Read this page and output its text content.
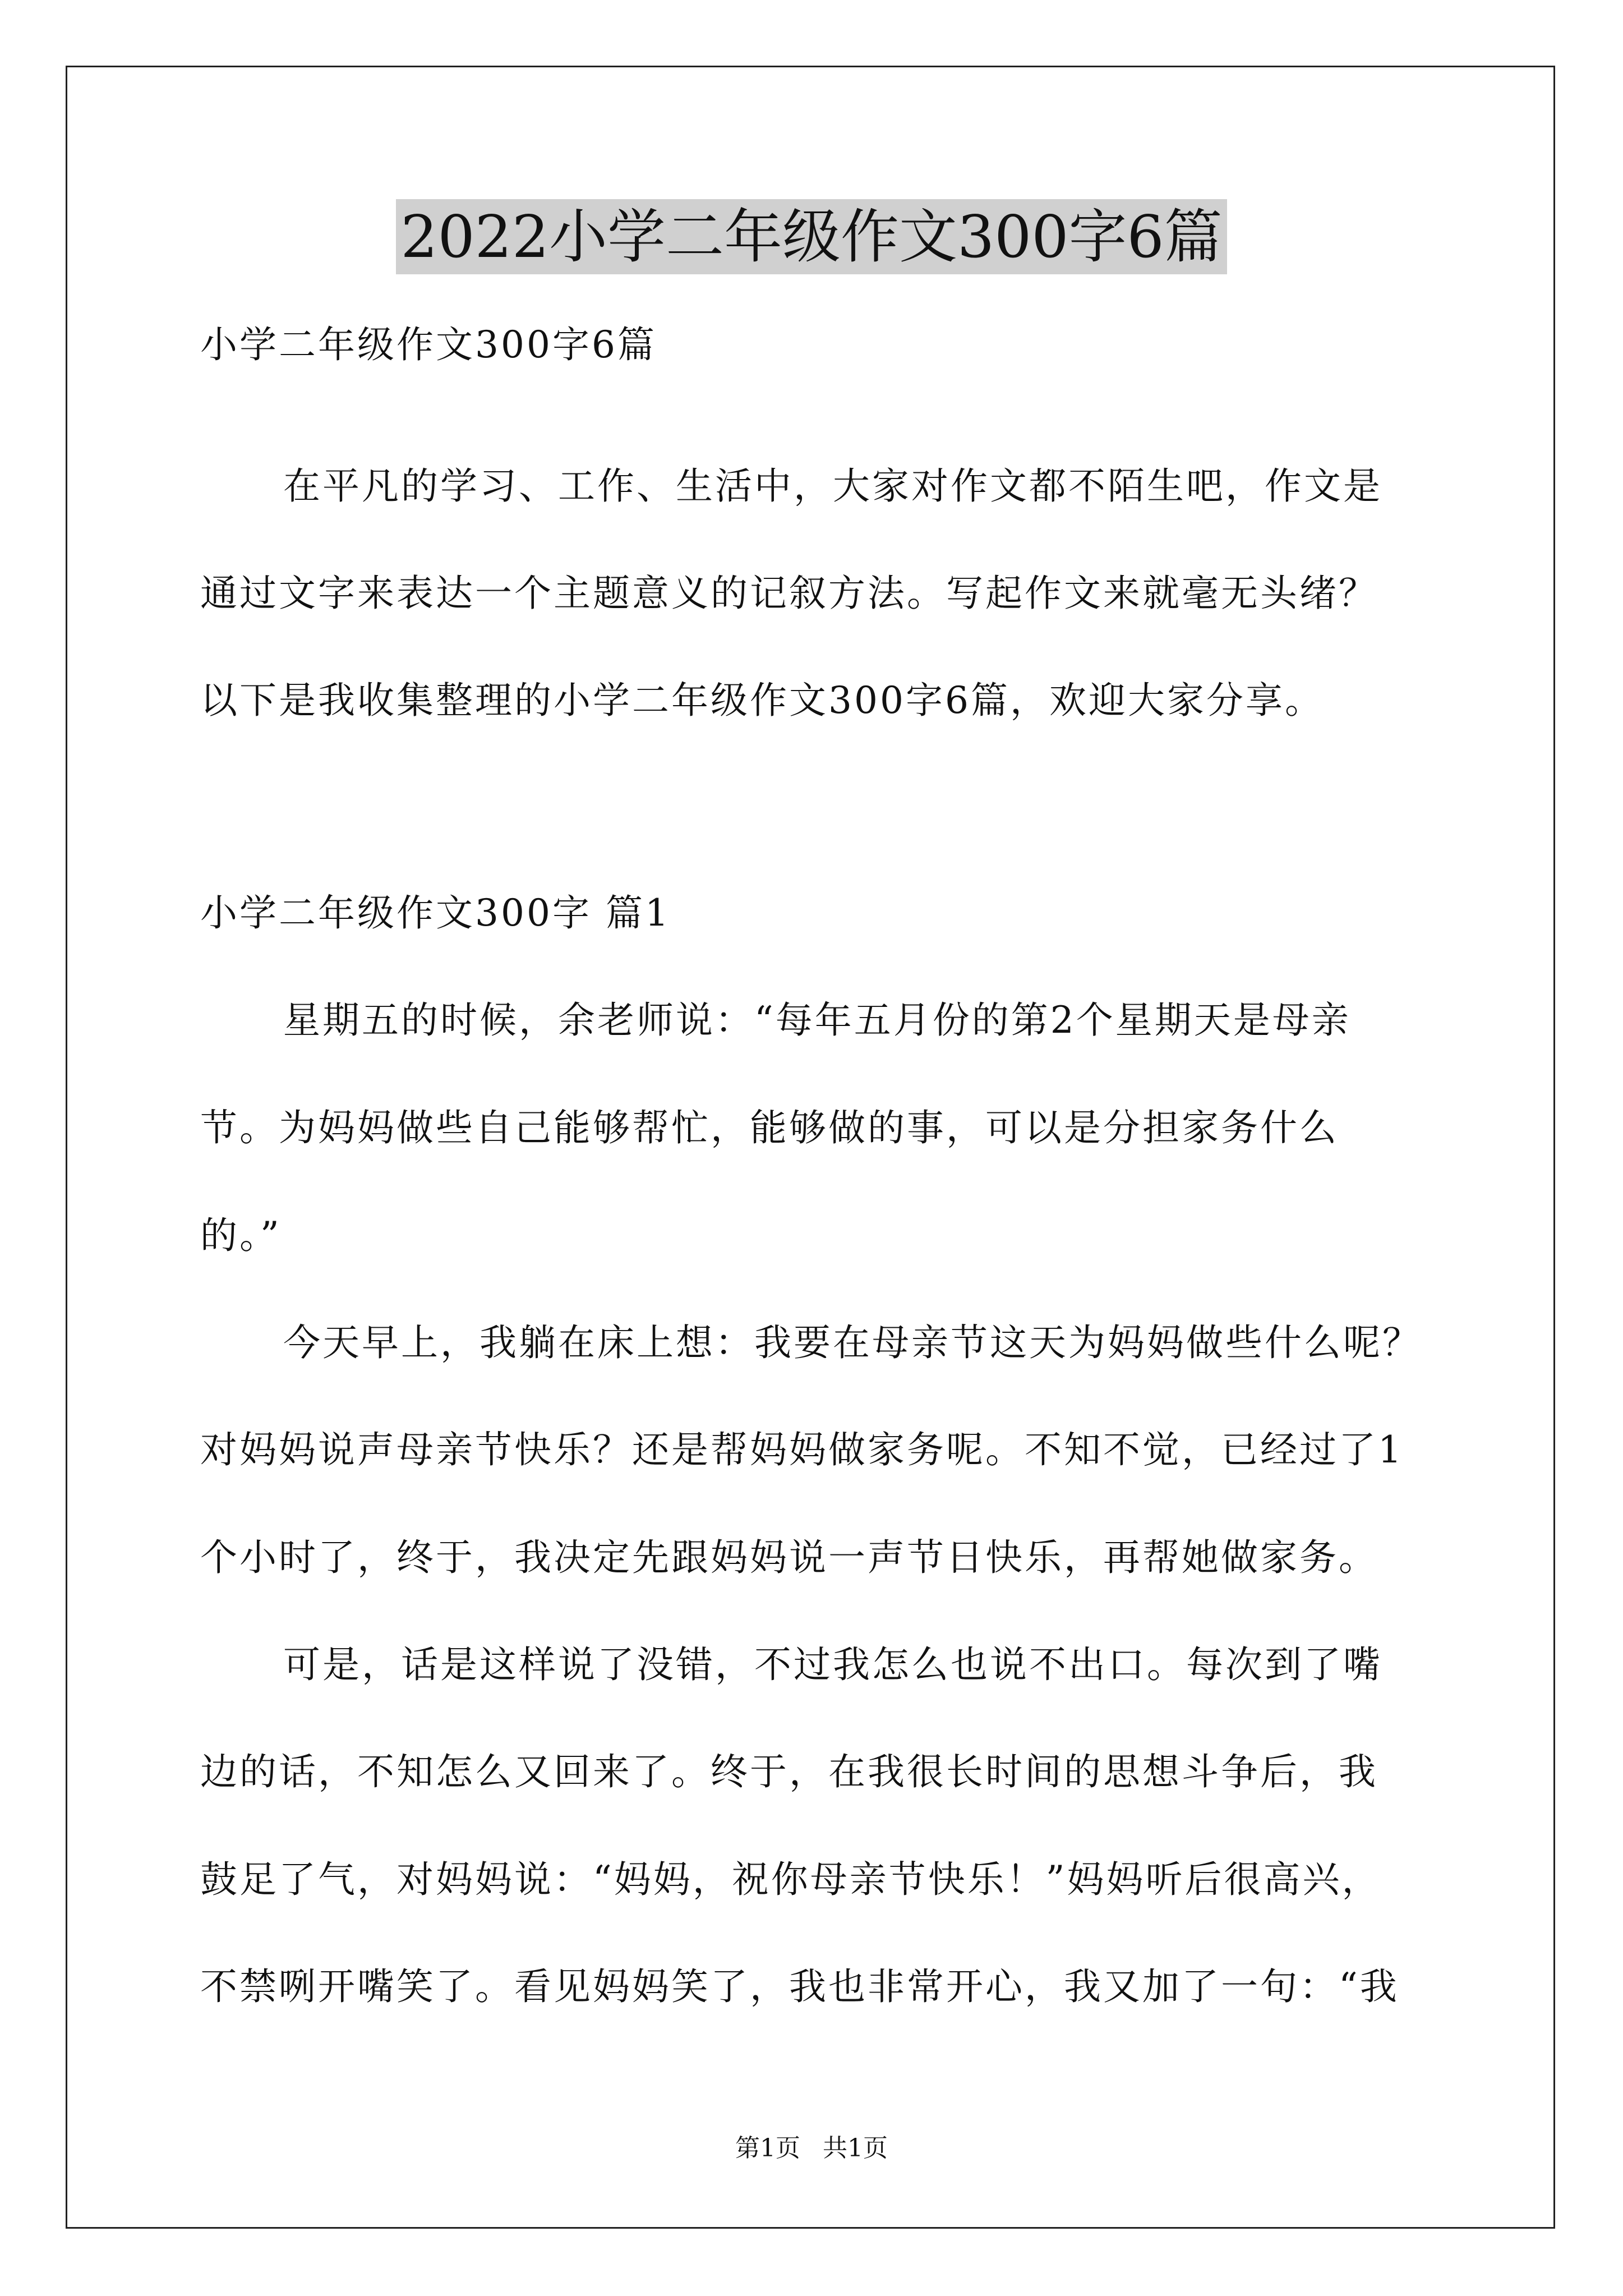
2022小学二年级作文300字6篇
小学二年级作文300字6篇
在平凡的学习、工作、生活中，大家对作文都不陌生吧，作文是
通过文字来表达一个主题意义的记叙方法。写起作文来就毫无头绪？
以下是我收集整理的小学二年级作文300字6篇，欢迎大家分享。
小学二年级作文300字 篇1
星期五的时候，余老师说：“每年五月份的第2个星期天是母亲
节。为妈妈做些自己能够帮忙，能够做的事，可以是分担家务什么
的。”
今天早上，我躺在床上想：我要在母亲节这天为妈妈做些什么呢？
对妈妈说声母亲节快乐？还是帮妈妈做家务呢。不知不觉，已经过了1
个小时了，终于，我决定先跟妈妈说一声节日快乐，再帮她做家务。
可是，话是这样说了没错，不过我怎么也说不出口。每次到了嘴
边的话，不知怎么又回来了。终于，在我很长时间的思想斗争后，我
鼓足了气，对妈妈说：“妈妈，祝你母亲节快乐！”妈妈听后很高兴，
不禁咧开嘴笑了。看见妈妈笑了，我也非常开心，我又加了一句：“我
第1页 共1页
